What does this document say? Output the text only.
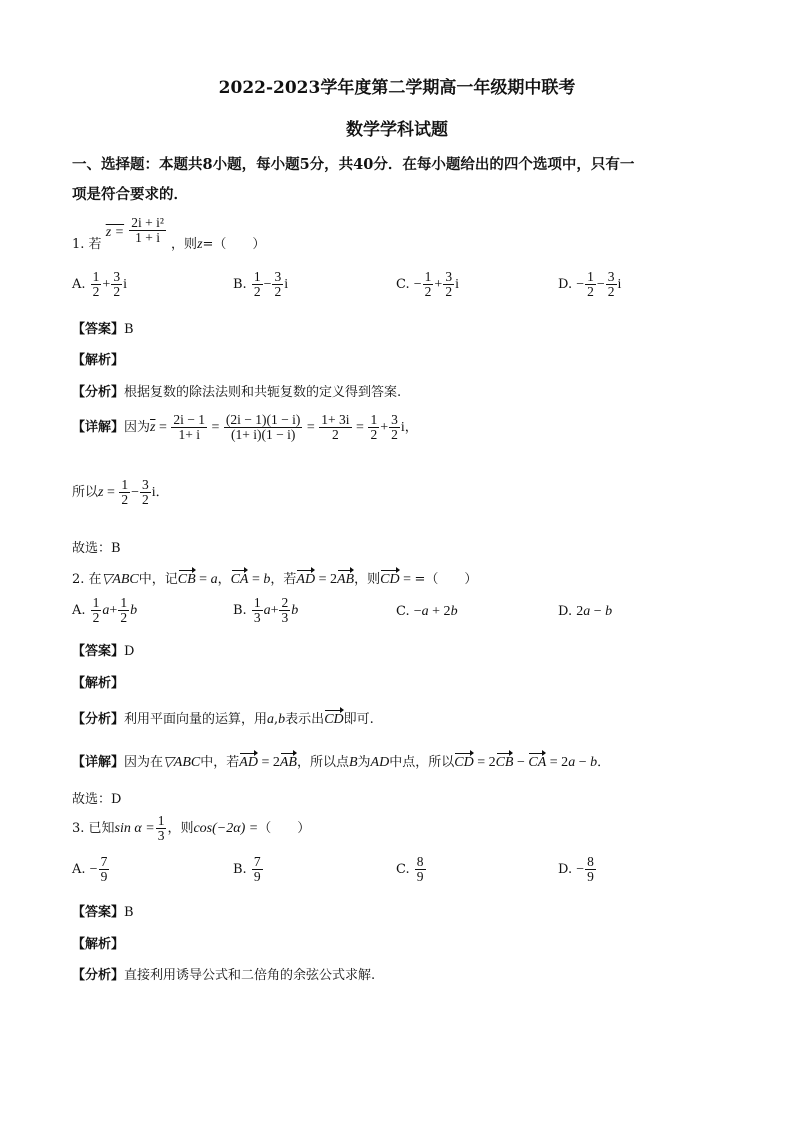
2022-2023学年度第二学期高一年级期中联考
数学学科试题
一、选择题：本题共8小题，每小题5分，共40分．在每小题给出的四个选项中，只有一
项是符合要求的．
1. 若 $z = \frac{\text{2i + i²}}{1 + i}$ ，则z=（　　）
A. $\frac{1}{2} + \frac{3}{2}$ i	B. $\frac{1}{2} - \frac{3}{2}$ i	C. − $\frac{1}{2} + \frac{3}{2}$ i	D. − $\frac{1}{2} - \frac{3}{2}$ i
【答案】B
【解析】
【分析】根据复数的除法法则和共轭复数的定义得到答案.
【详解】因为$\overline{z} = \frac{2i - 1}{1+ i} = \frac{(2i - 1)(1 - i)}{(1+ i)(1 - i)} = \frac{1+ 3i}{2} = \frac{1}{2} + \frac{3}{2}$ i，
所以$z = \frac{1}{2} - \frac{3}{2}$ i．
故选：B
2. 在▽ABC中，记CB = a，CA = b，若AD = 2AB，则CD = =（　　）
A. $\frac{1}{2} a+ \frac{1}{2}$ b	B. $\frac{1}{3} a+ \frac{2}{3}$ b	C. −a + 2b	D. 2a − b
【答案】D
【解析】
【分析】利用平面向量的运算，用a,b表示出CD即可.
【详解】因为在▽ABC中，若AD = 2AB，所以点B为AD中点，所以CD = 2CB − CA = 2a − b．
故选：D
3. 已知$\sin \alpha = \frac{1}{3}$ ，则cos(−2α) =（　　）
A. − $\frac{7}{9}$	B. $\frac{7}{9}$	C. $\frac{8}{9}$	D. − $\frac{8}{9}$
【答案】B
【解析】
【分析】直接利用诱导公式和二倍角的余弦公式求解.
